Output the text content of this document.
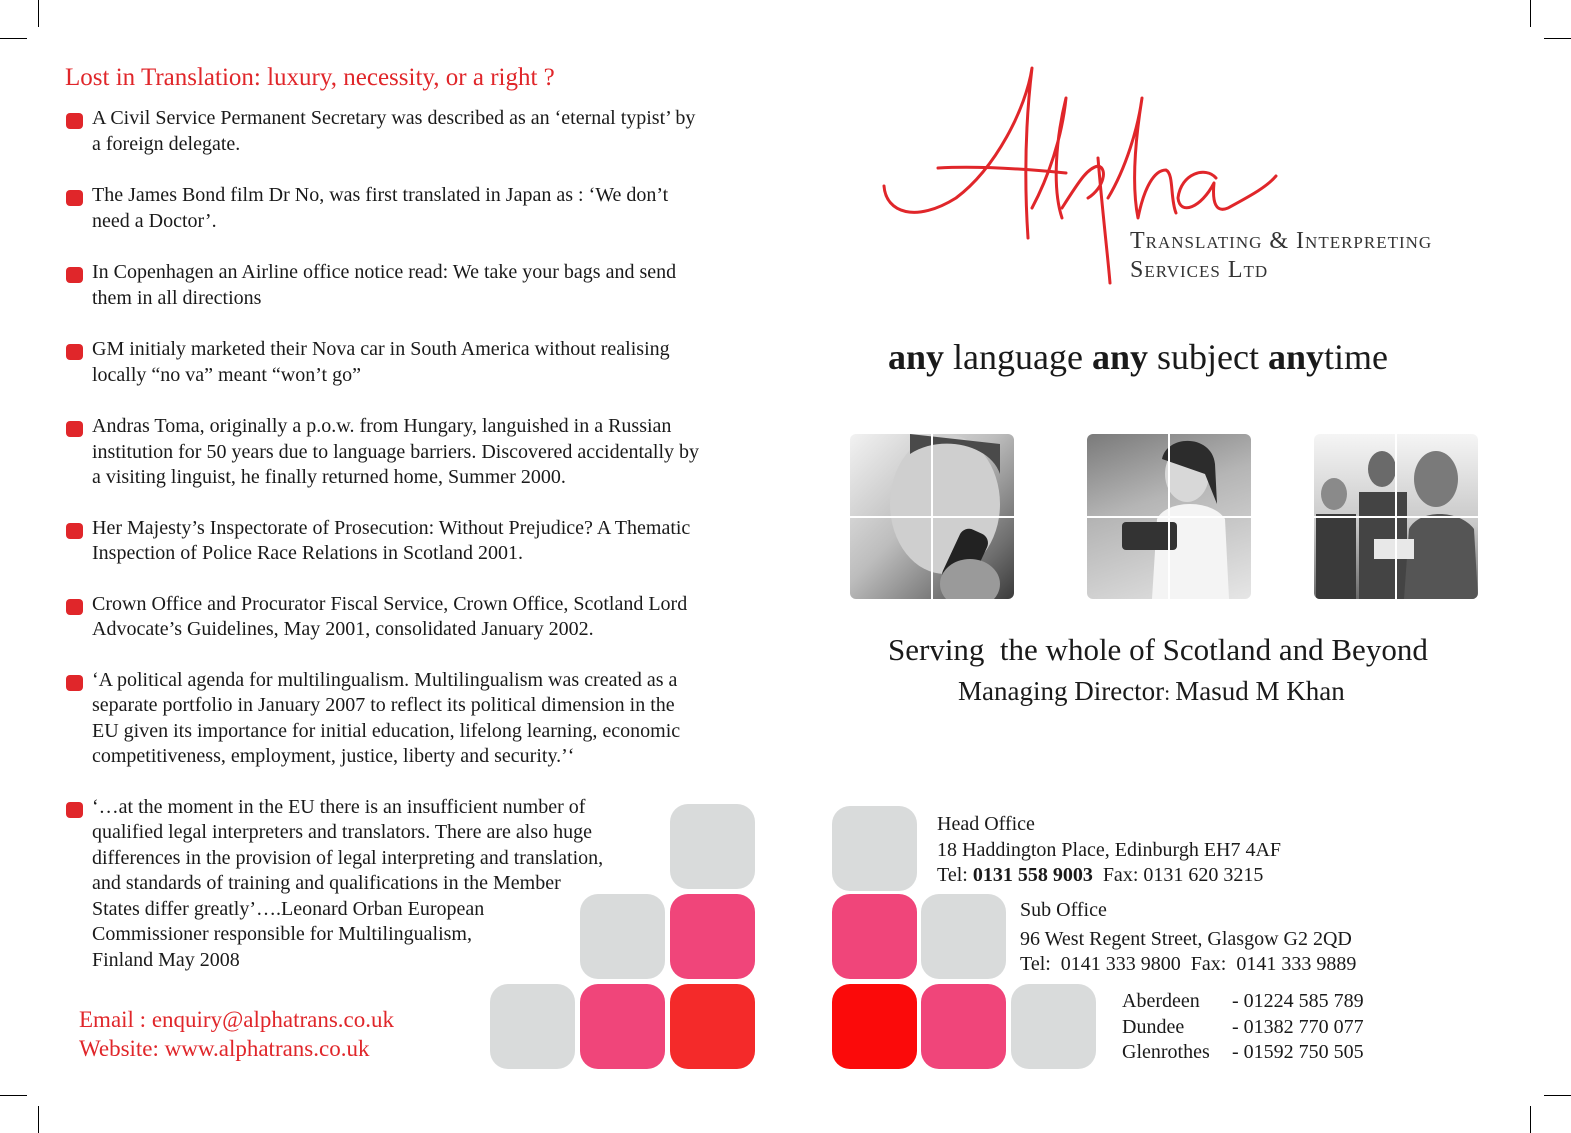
Lost in Translation: luxury, necessity, or a right ?
A Civil Service Permanent Secretary was described as an ‘eternal typist’ by
a foreign delegate.
The James Bond film Dr No, was first translated in Japan as : ‘We don’t
need a Doctor’.
In Copenhagen an Airline office notice read: We take your bags and send
them in all directions
GM initialy marketed their Nova car in South America without realising
locally “no va” meant “won’t go”
Andras Toma, originally a p.o.w. from Hungary, languished in a Russian
institution for 50 years due to language barriers. Discovered accidentally by
a visiting linguist, he finally returned home, Summer 2000.
Her Majesty’s Inspectorate of Prosecution: Without Prejudice? A Thematic
Inspection of Police Race Relations in Scotland 2001.
Crown Office and Procurator Fiscal Service, Crown Office, Scotland Lord
Advocate’s Guidelines, May 2001, consolidated January 2002.
‘A political agenda for multilingualism. Multilingualism was created as a
separate portfolio in January 2007 to reflect its political dimension in the
EU given its importance for initial education, lifelong learning, economic
competitiveness, employment, justice, liberty and security.’‘
‘…at the moment in the EU there is an insufficient number of
qualified legal interpreters and translators. There are also huge
differences in the provision of legal interpreting and translation,
and standards of training and qualifications in the Member
States differ greatly’….Leonard Orban European
Commissioner responsible for Multilingualism,
Finland May 2008
Email : enquiry@alphatrans.co.uk
Website: www.alphatrans.co.uk
Alpha
Translating & Interpreting
Services Ltd
any language any subject anytime
Serving  the whole of Scotland and Beyond
Managing Director: Masud M Khan
Head Office
18 Haddington Place, Edinburgh EH7 4AF
Tel: 0131 558 9003  Fax: 0131 620 3215
Sub Office
96 West Regent Street, Glasgow G2 2QD
Tel:  0141 333 9800  Fax:  0141 333 9889
Aberdeen	- 01224 585 789
Dundee	- 01382 770 077
Glenrothes	- 01592 750 505
